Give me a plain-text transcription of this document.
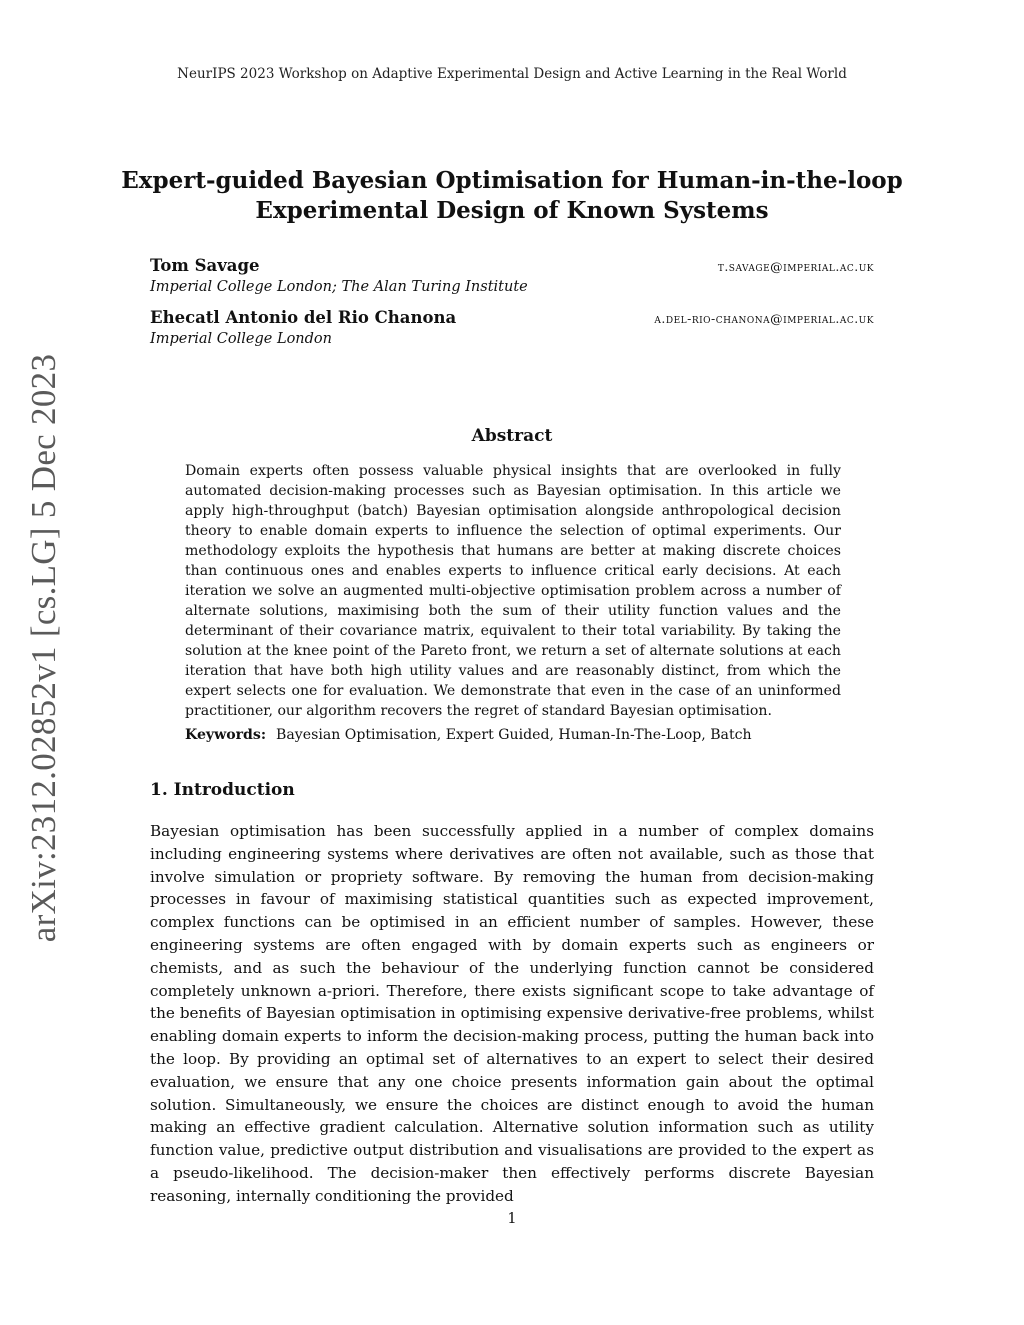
NeurIPS 2023 Workshop on Adaptive Experimental Design and Active Learning in the Real World
Expert-guided Bayesian Optimisation for Human-in-the-loop
Experimental Design of Known Systems
Tom Savage	t.savage@imperial.ac.uk
Imperial College London; The Alan Turing Institute
Ehecatl Antonio del Rio Chanona	a.del-rio-chanona@imperial.ac.uk
Imperial College London
arXiv:2312.02852v1 [cs.LG] 5 Dec 2023	Abstract
Domain experts often possess valuable physical insights that are overlooked in fully automated decision-making processes such as Bayesian optimisation. In this article we apply high-throughput (batch) Bayesian optimisation alongside anthropological decision theory to enable domain experts to influence the selection of optimal experiments. Our methodology exploits the hypothesis that humans are better at making discrete choices than continuous ones and enables experts to influence critical early decisions. At each iteration we solve an augmented multi-objective optimisation problem across a number of alternate solutions, maximising both the sum of their utility function values and the determinant of their covariance matrix, equivalent to their total variability. By taking the solution at the knee point of the Pareto front, we return a set of alternate solutions at each iteration that have both high utility values and are reasonably distinct, from which the expert selects one for evaluation. We demonstrate that even in the case of an uninformed practitioner, our algorithm recovers the regret of standard Bayesian optimisation.
Keywords: Bayesian Optimisation, Expert Guided, Human-In-The-Loop, Batch
1. Introduction
Bayesian optimisation has been successfully applied in a number of complex domains including engineering systems where derivatives are often not available, such as those that involve simulation or propriety software. By removing the human from decision-making processes in favour of maximising statistical quantities such as expected improvement, complex functions can be optimised in an efficient number of samples. However, these engineering systems are often engaged with by domain experts such as engineers or chemists, and as such the behaviour of the underlying function cannot be considered completely unknown a-priori. Therefore, there exists significant scope to take advantage of the benefits of Bayesian optimisation in optimising expensive derivative-free problems, whilst enabling domain experts to inform the decision-making process, putting the human back into the loop. By providing an optimal set of alternatives to an expert to select their desired evaluation, we ensure that any one choice presents information gain about the optimal solution. Simultaneously, we ensure the choices are distinct enough to avoid the human making an effective gradient calculation. Alternative solution information such as utility function value, predictive output distribution and visualisations are provided to the expert as a pseudo-likelihood. The decision-maker then effectively performs discrete Bayesian reasoning, internally conditioning the provided
1
